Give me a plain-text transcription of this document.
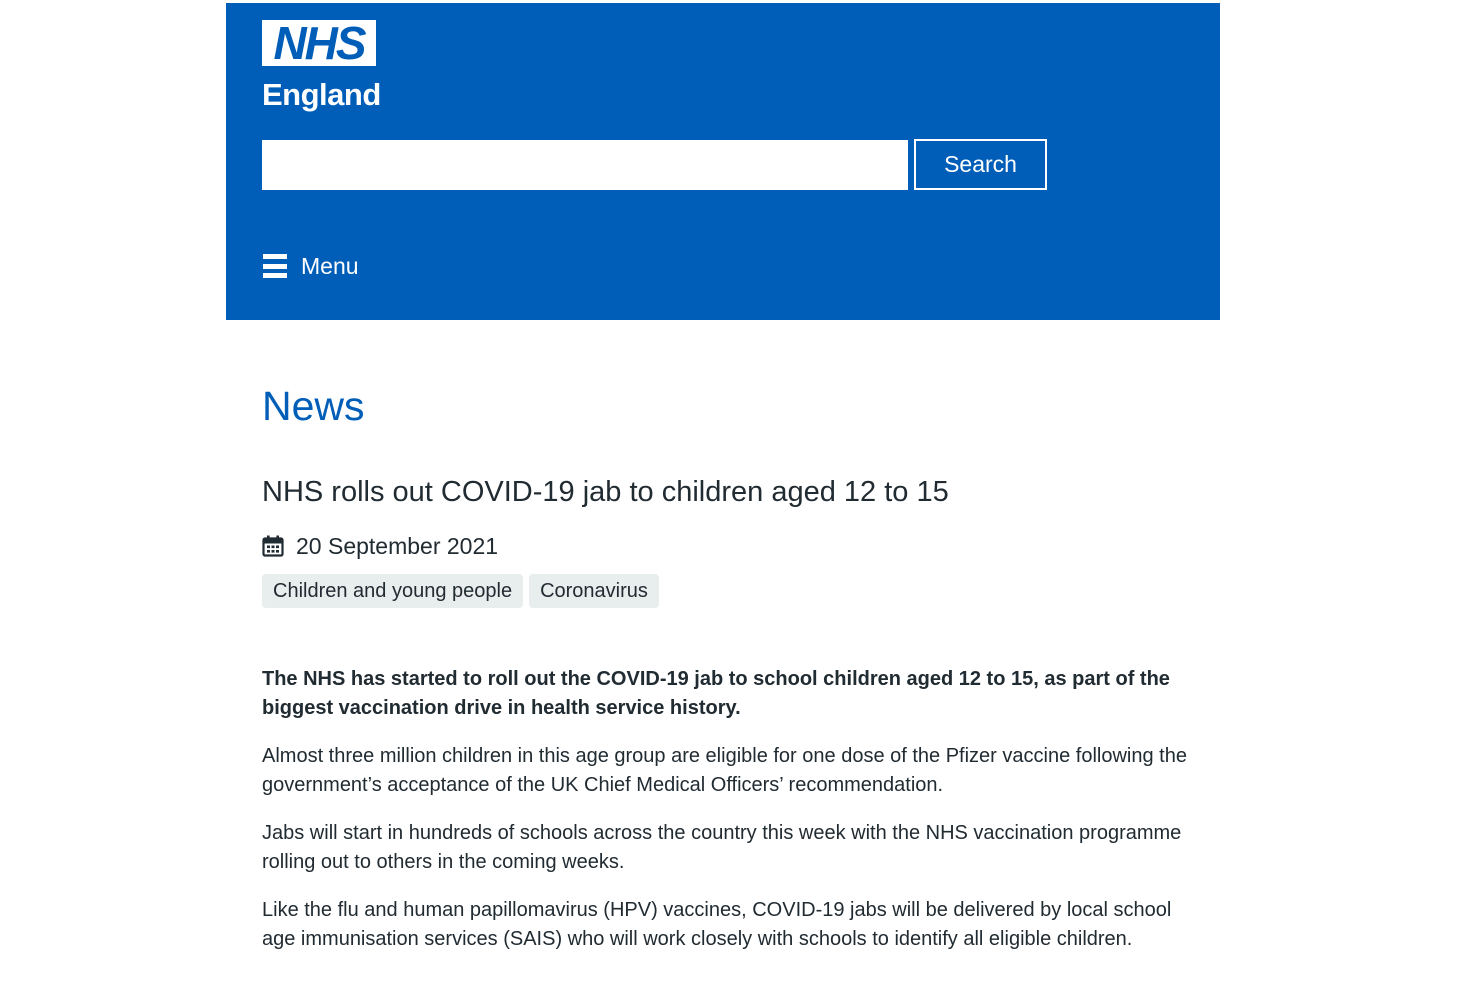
NHS
England
Search
Menu
News
NHS rolls out COVID-19 jab to children aged 12 to 15
20 September 2021
Children and young people	Coronavirus

The NHS has started to roll out the COVID-19 jab to school children aged 12 to 15, as part of the biggest vaccination drive in health service history.

Almost three million children in this age group are eligible for one dose of the Pfizer vaccine following the government’s acceptance of the UK Chief Medical Officers’ recommendation.

Jabs will start in hundreds of schools across the country this week with the NHS vaccination programme rolling out to others in the coming weeks.

Like the flu and human papillomavirus (HPV) vaccines, COVID-19 jabs will be delivered by local school age immunisation services (SAIS) who will work closely with schools to identify all eligible children.
